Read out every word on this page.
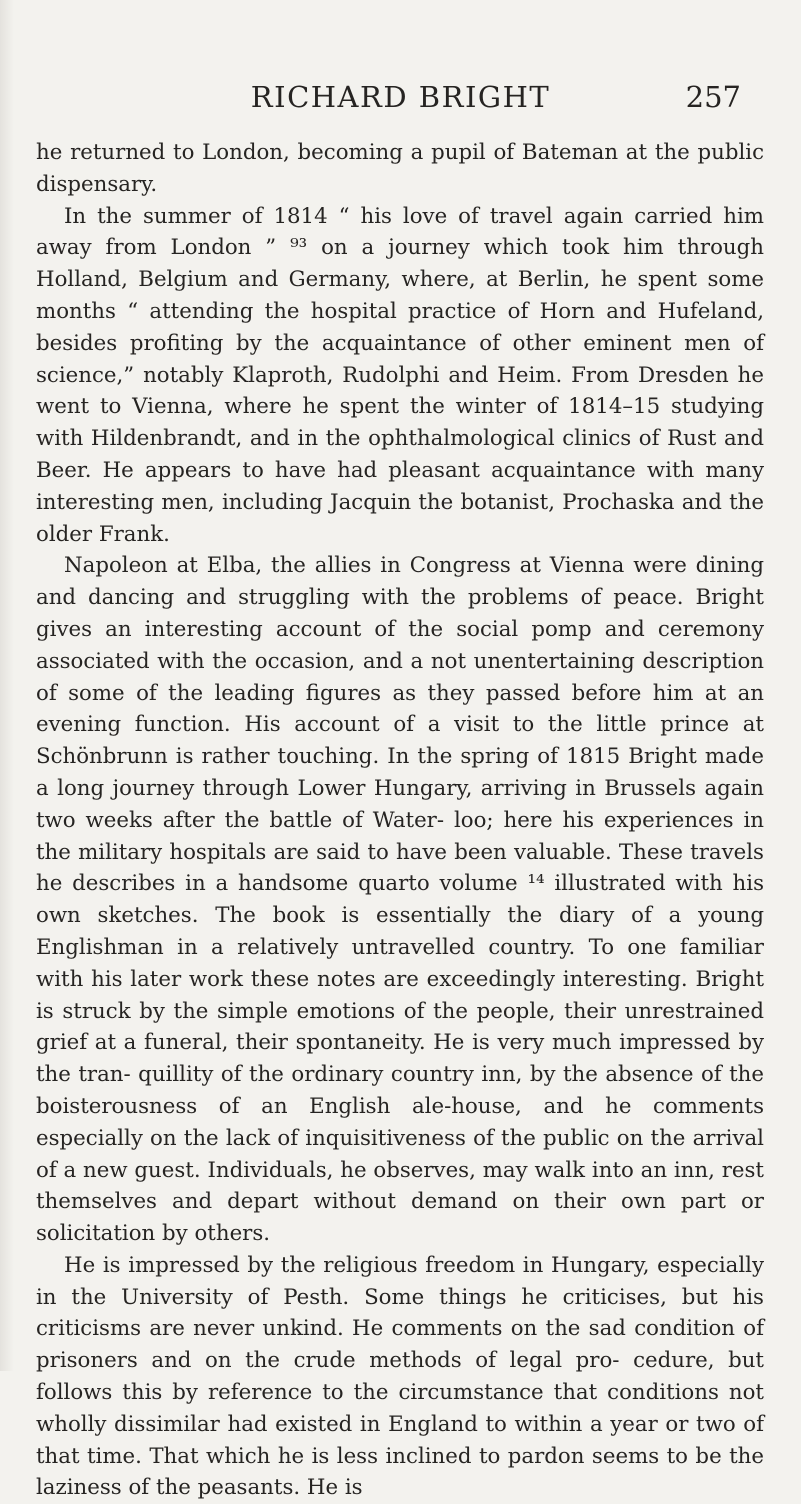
RICHARD BRIGHT	257

he returned to London, becoming a pupil of Bateman at the public dispensary.

In the summer of 1814 “ his love of travel again carried him away from London ” ⁹³ on a journey which took him through Holland, Belgium and Germany, where, at Berlin, he spent some months “ attending the hospital practice of Horn and Hufeland, besides profiting by the acquaintance of other eminent men of science,” notably Klaproth, Rudolphi and Heim. From Dresden he went to Vienna, where he spent the winter of 1814–15 studying with Hildenbrandt, and in the ophthalmological clinics of Rust and Beer. He appears to have had pleasant acquaintance with many interesting men, including Jacquin the botanist, Prochaska and the older Frank.

Napoleon at Elba, the allies in Congress at Vienna were dining and dancing and struggling with the problems of peace. Bright gives an interesting account of the social pomp and ceremony associated with the occasion, and a not unentertaining description of some of the leading figures as they passed before him at an evening function. His account of a visit to the little prince at Schönbrunn is rather touching. In the spring of 1815 Bright made a long journey through Lower Hungary, arriving in Brussels again two weeks after the battle of Water- loo; here his experiences in the military hospitals are said to have been valuable. These travels he describes in a handsome quarto volume ¹⁴ illustrated with his own sketches. The book is essentially the diary of a young Englishman in a relatively untravelled country. To one familiar with his later work these notes are exceedingly interesting. Bright is struck by the simple emotions of the people, their unrestrained grief at a funeral, their spontaneity. He is very much impressed by the tran- quillity of the ordinary country inn, by the absence of the boisterousness of an English ale-house, and he comments especially on the lack of inquisitiveness of the public on the arrival of a new guest. Individuals, he observes, may walk into an inn, rest themselves and depart without demand on their own part or solicitation by others.

He is impressed by the religious freedom in Hungary, especially in the University of Pesth. Some things he criticises, but his criticisms are never unkind. He comments on the sad condition of prisoners and on the crude methods of legal pro- cedure, but follows this by reference to the circumstance that conditions not wholly dissimilar had existed in England to within a year or two of that time. That which he is less inclined to pardon seems to be the laziness of the peasants. He is
